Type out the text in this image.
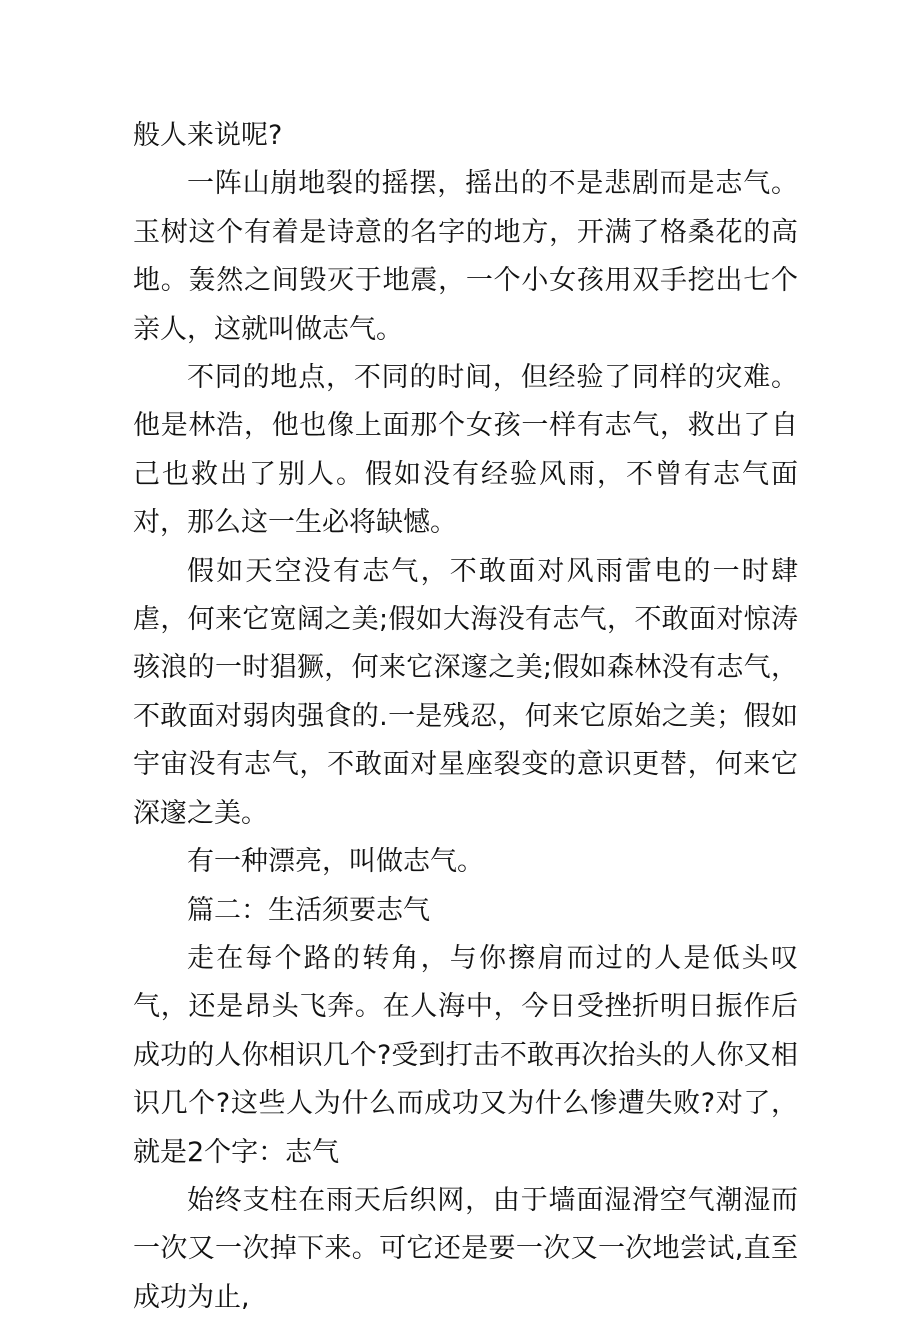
般人来说呢?

一阵山崩地裂的摇摆，摇出的不是悲剧而是志气。玉树这个有着是诗意的名字的地方，开满了格桑花的高地。轰然之间毁灭于地震，一个小女孩用双手挖出七个亲人，这就叫做志气。

不同的地点，不同的时间，但经验了同样的灾难。他是林浩，他也像上面那个女孩一样有志气，救出了自己也救出了别人。假如没有经验风雨，不曾有志气面对，那么这一生必将缺憾。

假如天空没有志气，不敢面对风雨雷电的一时肆虐，何来它宽阔之美;假如大海没有志气，不敢面对惊涛骇浪的一时猖獗，何来它深邃之美;假如森林没有志气，不敢面对弱肉强食的.一是残忍，何来它原始之美；假如宇宙没有志气，不敢面对星座裂变的意识更替，何来它深邃之美。

有一种漂亮，叫做志气。

篇二：生活须要志气

走在每个路的转角，与你擦肩而过的人是低头叹气，还是昂头飞奔。在人海中，今日受挫折明日振作后成功的人你相识几个?受到打击不敢再次抬头的人你又相识几个?这些人为什么而成功又为什么惨遭失败?对了，就是2个字：志气

始终支柱在雨天后织网，由于墙面湿滑空气潮湿而一次又一次掉下来。可它还是要一次又一次地尝试,直至成功为止,
